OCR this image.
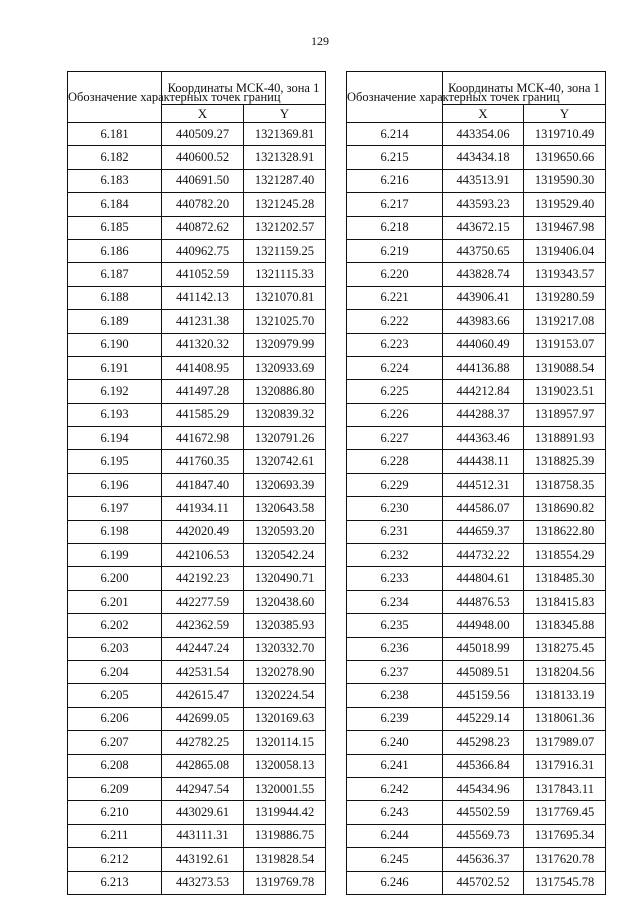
129
Обозначение характерных точек границ	Координаты МСК-40, зона 1	
	X	Y
6.181	440509.27	1321369.81
6.182	440600.52	1321328.91
6.183	440691.50	1321287.40
6.184	440782.20	1321245.28
6.185	440872.62	1321202.57
6.186	440962.75	1321159.25
6.187	441052.59	1321115.33
6.188	441142.13	1321070.81
6.189	441231.38	1321025.70
6.190	441320.32	1320979.99
6.191	441408.95	1320933.69
6.192	441497.28	1320886.80
6.193	441585.29	1320839.32
6.194	441672.98	1320791.26
6.195	441760.35	1320742.61
6.196	441847.40	1320693.39
6.197	441934.11	1320643.58
6.198	442020.49	1320593.20
6.199	442106.53	1320542.24
6.200	442192.23	1320490.71
6.201	442277.59	1320438.60
6.202	442362.59	1320385.93
6.203	442447.24	1320332.70
6.204	442531.54	1320278.90
6.205	442615.47	1320224.54
6.206	442699.05	1320169.63
6.207	442782.25	1320114.15
6.208	442865.08	1320058.13
6.209	442947.54	1320001.55
6.210	443029.61	1319944.42
6.211	443111.31	1319886.75
6.212	443192.61	1319828.54
6.213	443273.53	1319769.78
Обозначение характерных точек границ	Координаты МСК-40, зона 1	
	X	Y
6.214	443354.06	1319710.49
6.215	443434.18	1319650.66
6.216	443513.91	1319590.30
6.217	443593.23	1319529.40
6.218	443672.15	1319467.98
6.219	443750.65	1319406.04
6.220	443828.74	1319343.57
6.221	443906.41	1319280.59
6.222	443983.66	1319217.08
6.223	444060.49	1319153.07
6.224	444136.88	1319088.54
6.225	444212.84	1319023.51
6.226	444288.37	1318957.97
6.227	444363.46	1318891.93
6.228	444438.11	1318825.39
6.229	444512.31	1318758.35
6.230	444586.07	1318690.82
6.231	444659.37	1318622.80
6.232	444732.22	1318554.29
6.233	444804.61	1318485.30
6.234	444876.53	1318415.83
6.235	444948.00	1318345.88
6.236	445018.99	1318275.45
6.237	445089.51	1318204.56
6.238	445159.56	1318133.19
6.239	445229.14	1318061.36
6.240	445298.23	1317989.07
6.241	445366.84	1317916.31
6.242	445434.96	1317843.11
6.243	445502.59	1317769.45
6.244	445569.73	1317695.34
6.245	445636.37	1317620.78
6.246	445702.52	1317545.78
